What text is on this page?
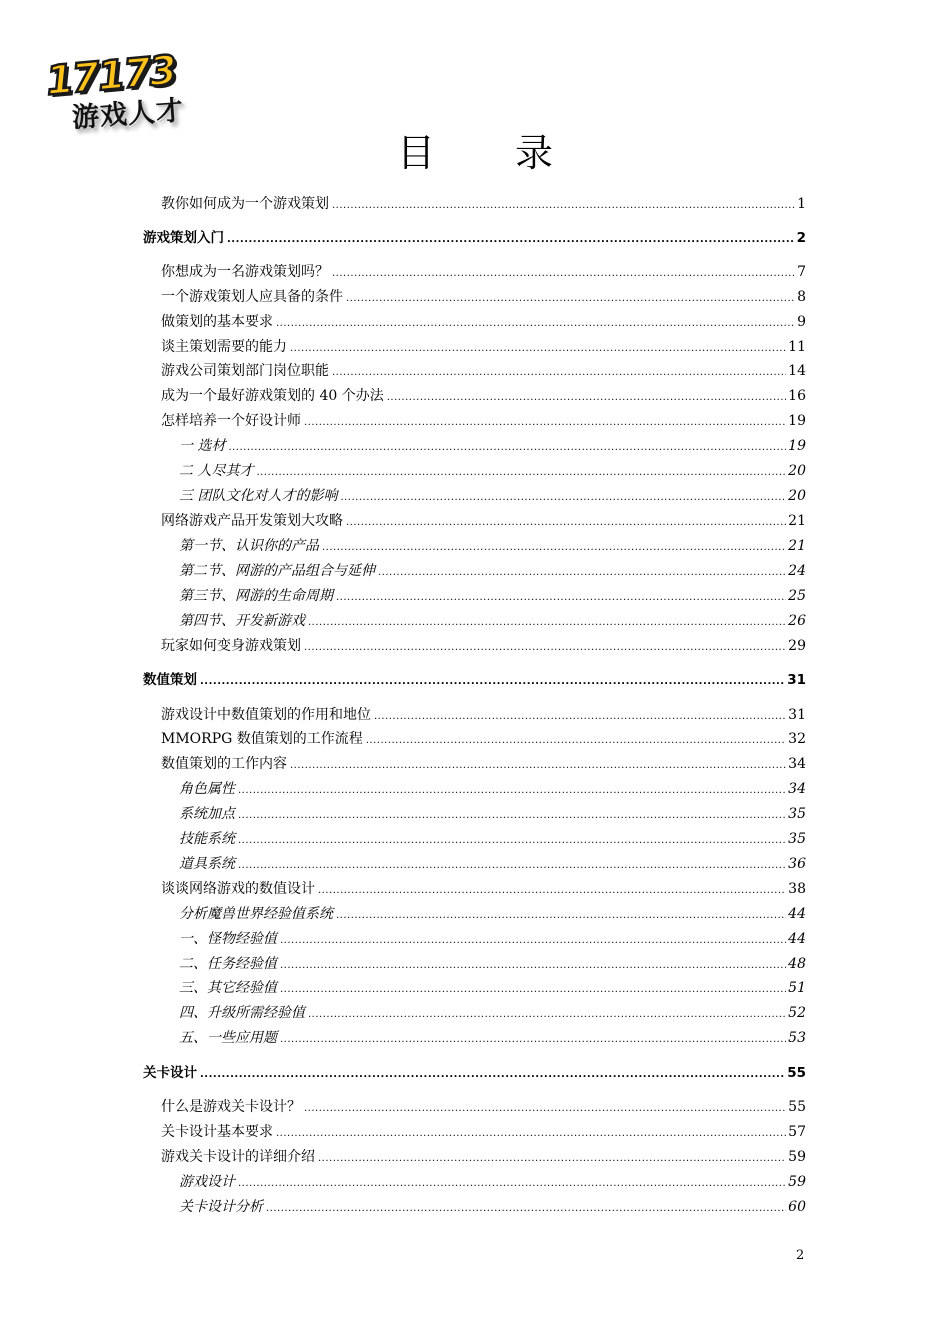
17173
游戏人才
目录
教你如何成为一个游戏策划 .....	1
游戏策划入门 .....	2
你想成为一名游戏策划吗？ .....	7
一个游戏策划人应具备的条件 .....	8
做策划的基本要求 .....	9
谈主策划需要的能力 .....	11
游戏公司策划部门岗位职能 .....	14
成为一个最好游戏策划的 40 个办法 .....	16
怎样培养一个好设计师 .....	19
一 选材 .....	19
二 人尽其才 .....	20
三 团队文化对人才的影响 .....	20
网络游戏产品开发策划大攻略 .....	21
第一节、认识你的产品 .....	21
第二节、网游的产品组合与延伸 .....	24
第三节、网游的生命周期 .....	25
第四节、开发新游戏 .....	26
玩家如何变身游戏策划 .....	29
数值策划 .....	31
游戏设计中数值策划的作用和地位 .....	31
MMORPG 数值策划的工作流程 .....	32
数值策划的工作内容 .....	34
角色属性 .....	34
系统加点 .....	35
技能系统 .....	35
道具系统 .....	36
谈谈网络游戏的数值设计 .....	38
分析魔兽世界经验值系统 .....	44
一、怪物经验值 .....	44
二、任务经验值 .....	48
三、其它经验值 .....	51
四、升级所需经验值 .....	52
五、一些应用题 .....	53
关卡设计 .....	55
什么是游戏关卡设计？ .....	55
关卡设计基本要求 .....	57
游戏关卡设计的详细介绍 .....	59
游戏设计 .....	59
关卡设计分析 .....	60
2
